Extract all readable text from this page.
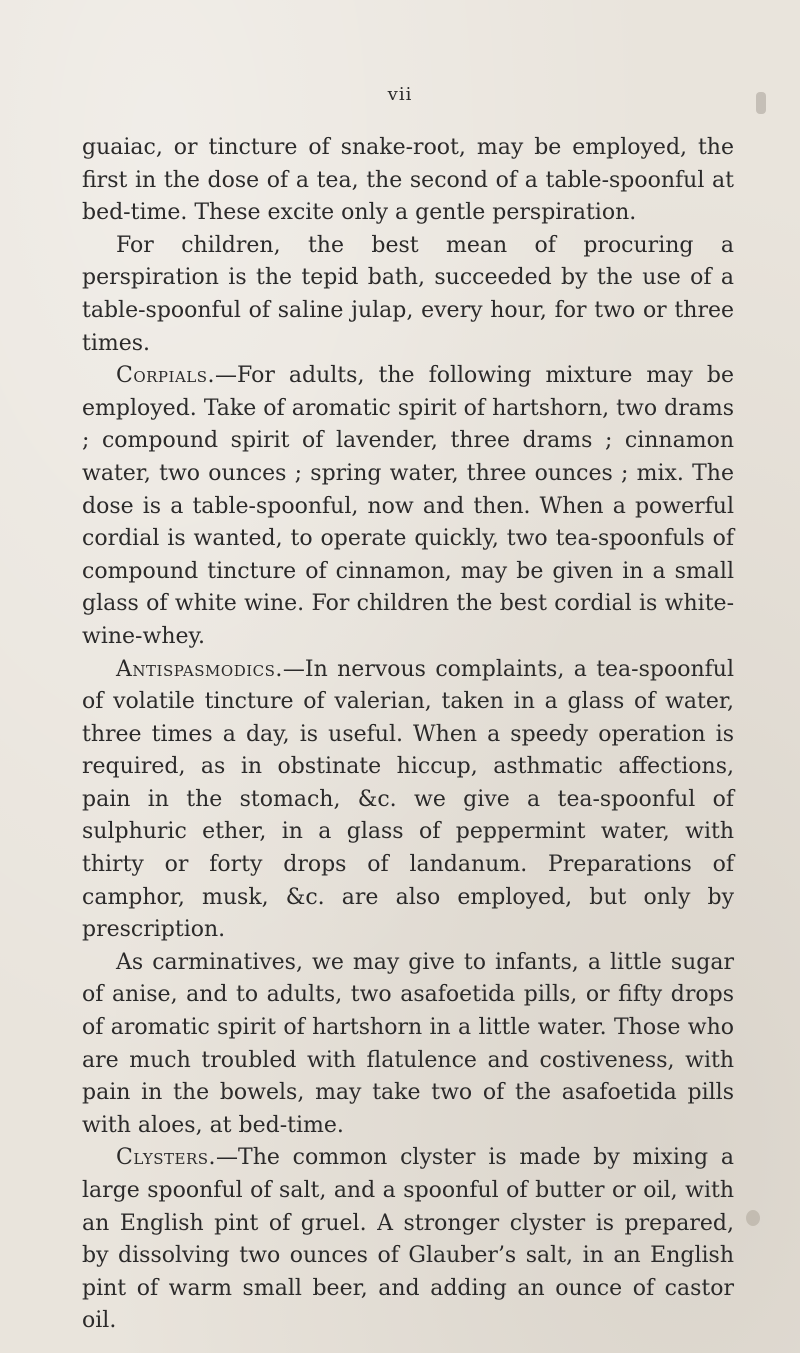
vii

guaiac, or tincture of snake-root, may be employed, the first in the dose of a tea, the second of a table-spoonful at bed-time. These excite only a gentle perspiration.

For children, the best mean of procuring a perspiration is the tepid bath, succeeded by the use of a table-spoonful of saline julap, every hour, for two or three times.

Corpials.—For adults, the following mixture may be employed. Take of aromatic spirit of hartshorn, two drams ; compound spirit of lavender, three drams ; cinnamon water, two ounces ; spring water, three ounces ; mix. The dose is a table-spoonful, now and then. When a powerful cordial is wanted, to operate quickly, two tea-spoonfuls of compound tincture of cinnamon, may be given in a small glass of white wine. For children the best cordial is white-wine-whey.

Antispasmodics.—In nervous complaints, a tea-spoonful of volatile tincture of valerian, taken in a glass of water, three times a day, is useful. When a speedy operation is required, as in obstinate hiccup, asthmatic affections, pain in the stomach, &c. we give a tea-spoonful of sulphuric ether, in a glass of peppermint water, with thirty or forty drops of landanum. Preparations of camphor, musk, &c. are also employed, but only by prescription.

As carminatives, we may give to infants, a little sugar of anise, and to adults, two asafoetida pills, or fifty drops of aromatic spirit of hartshorn in a little water. Those who are much troubled with flatulence and costiveness, with pain in the bowels, may take two of the asafoetida pills with aloes, at bed-time.

Clysters.—The common clyster is made by mixing a large spoonful of salt, and a spoonful of butter or oil, with an English pint of gruel. A stronger clyster is prepared, by dissolving two ounces of Glauber’s salt, in an English pint of warm small beer, and adding an ounce of castor oil.
